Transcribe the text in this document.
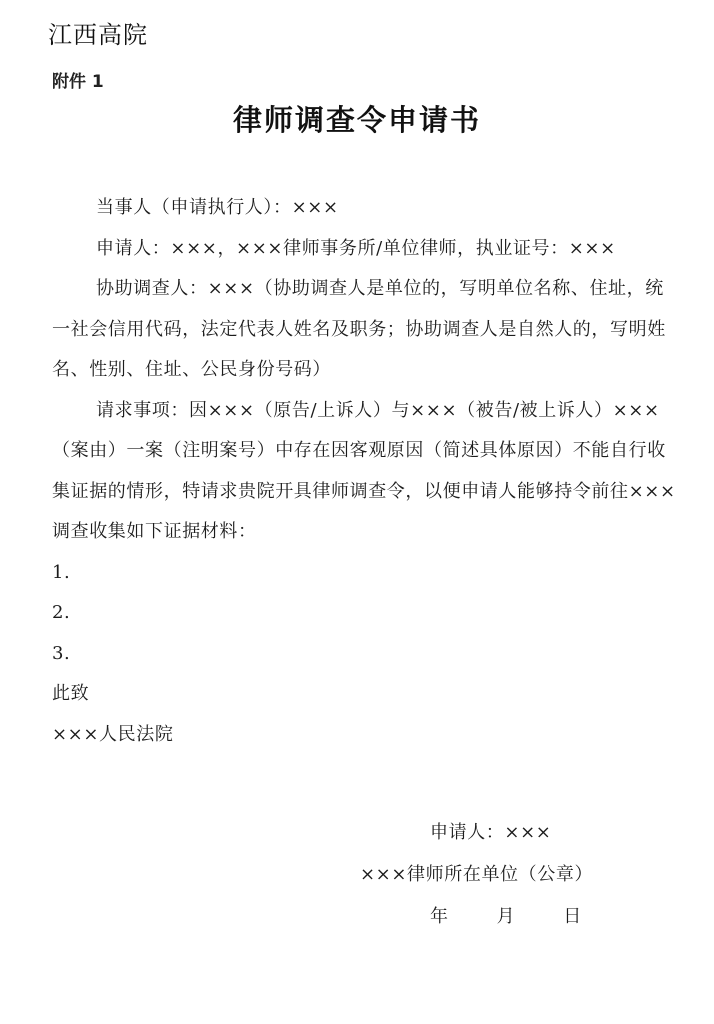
江西高院
附件 1
律师调查令申请书

当事人（申请执行人）：×××

申请人：×××，×××律师事务所/单位律师，执业证号：×××

协助调查人：×××（协助调查人是单位的，写明单位名称、住址，统一社会信用代码，法定代表人姓名及职务；协助调查人是自然人的，写明姓名、性别、住址、公民身份号码）

请求事项：因×××（原告/上诉人）与×××（被告/被上诉人）×××（案由）一案（注明案号）中存在因客观原因（简述具体原因）不能自行收集证据的情形，特请求贵院开具律师调查令，以便申请人能够持令前往×××调查收集如下证据材料：

1.

2.

3.

此致

×××人民法院

申请人：×××
×××律师所在单位（公章）
年	月	日
